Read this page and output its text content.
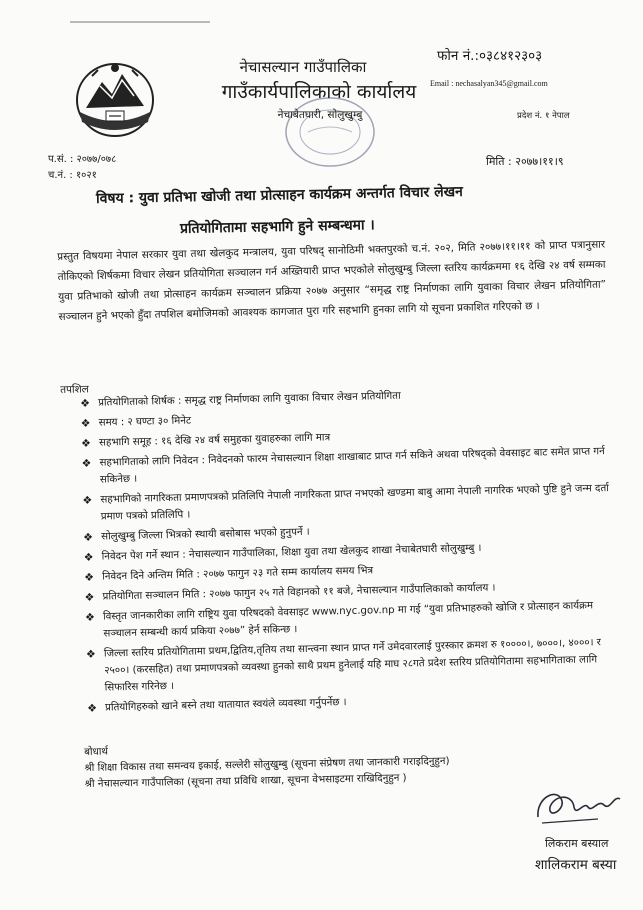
नेचासल्यान गाउँपालिका
गाउँकार्यपालिकाको कार्यालय
नेचाबेतघारी, सोलुखुम्बु
फोन नं.:०३८४१२३०३
Email : nechasalyan345@gmail.com
प्रदेश नं. १ नेपाल
प.सं. : २०७७/०७८
च.नं. : १०२१
मिति : २०७७।११।९
विषय : युवा प्रतिभा खोजी तथा प्रोत्साहन कार्यक्रम अन्तर्गत विचार लेखन
प्रतियोगितामा सहभागि हुने सम्बन्धमा ।

प्रस्तुत विषयमा नेपाल सरकार युवा तथा खेलकुद मन्त्रालय, युवा परिषद् सानोठिमी भक्तपुरको च.नं. २०२, मिति २०७७।११।११ को प्राप्त पत्रानुसार तोकिएको शिर्षकमा विचार लेखन प्रतियोगिता सञ्चालन गर्न अख्तियारी प्राप्त भएकोले सोलुखुम्बु जिल्ला स्तरिय कार्यक्रममा १६ देखि २४ वर्ष सम्मका युवा प्रतिभाको खोजी तथा प्रोत्साहन कार्यक्रम सञ्चालन प्रक्रिया २०७७ अनुसार “समृद्ध राष्ट्र निर्माणका लागि युवाका विचार लेखन प्रतियोगिता” सञ्चालन हुने भएको हुँदा तपशिल बमोजिमको आवश्यक कागजात पुरा गरि सहभागि हुनका लागि यो सूचना प्रकाशित गरिएको छ ।

तपशिल
❖ प्रतियोगिताको शिर्षक : समृद्ध राष्ट्र निर्माणका लागि युवाका विचार लेखन प्रतियोगिता
❖ समय : २ घण्टा ३० मिनेट
❖ सहभागि समूह : १६ देखि २४ वर्ष समुहका युवाहरुका लागि मात्र
❖ सहभागिताको लागि निवेदन : निवेदनको फारम नेचासल्यान शिक्षा शाखाबाट प्राप्त गर्न सकिने अथवा परिषद्को वेवसाइट बाट समेत प्राप्त गर्न सकिनेछ ।
❖ सहभागिको नागरिकता प्रमाणपत्रको प्रतिलिपि नेपाली नागरिकता प्राप्त नभएको खण्डमा बाबु आमा नेपाली नागरिक भएको पुष्टि हुने जन्म दर्ता प्रमाण पत्रको प्रतिलिपि ।
❖ सोलुखुम्बु जिल्ला भित्रको स्थायी बसोबास भएको हुनुपर्ने ।
❖ निवेदन पेश गर्ने स्थान : नेचासल्यान गाउँपालिका, शिक्षा युवा तथा खेलकुद शाखा नेचाबेतघारी सोलुखुम्बु ।
❖ निवेदन दिने अन्तिम मिति : २०७७ फागुन २३ गते सम्म कार्यालय समय भित्र
❖ प्रतियोगिता सञ्चालन मिति : २०७७ फागुन २५ गते विहानको ११ बजे, नेचासल्यान गाउँपालिकाको कार्यालय ।
❖ विस्तृत जानकारीका लागि राष्ट्रिय युवा परिषदको वेवसाइट www.nyc.gov.np मा गई “युवा प्रतिभाहरुको खोजि र प्रोत्साहन कार्यक्रम सञ्चालन सम्बन्धी कार्य प्रकिया २०७७” हेर्न सकिन्छ ।
❖ जिल्ला स्तरिय प्रतियोगितामा प्रथम,द्वितिय,तृतिय तथा सान्त्वना स्थान प्राप्त गर्ने उमेदवारलाई पुरस्कार क्रमश रु १००००।, ७०००।, ४०००। र २५००। (करसहित) तथा प्रमाणपत्रको व्यवस्था हुनको साथै प्रथम हुनेलाई यहि माघ २८गते प्रदेश स्तरिय प्रतियोगितामा सहभागिताका लागि सिफारिस गरिनेछ ।
❖ प्रतियोगिहरुको खाने बस्ने तथा यातायात स्वयंले व्यवस्था गर्नुपर्नेछ ।
बोधार्थ
श्री शिक्षा विकास तथा समन्वय इकाई, सल्लेरी सोलुखुम्बु (सूचना संप्रेषण तथा जानकारी गराइदिनुहुन)
श्री नेचासल्यान गाउँपालिका (सूचना तथा प्रविधि शाखा, सूचना वेभसाइटमा राखिदिनुहुन )
लिकराम बस्याल
शालिकराम बस्या
